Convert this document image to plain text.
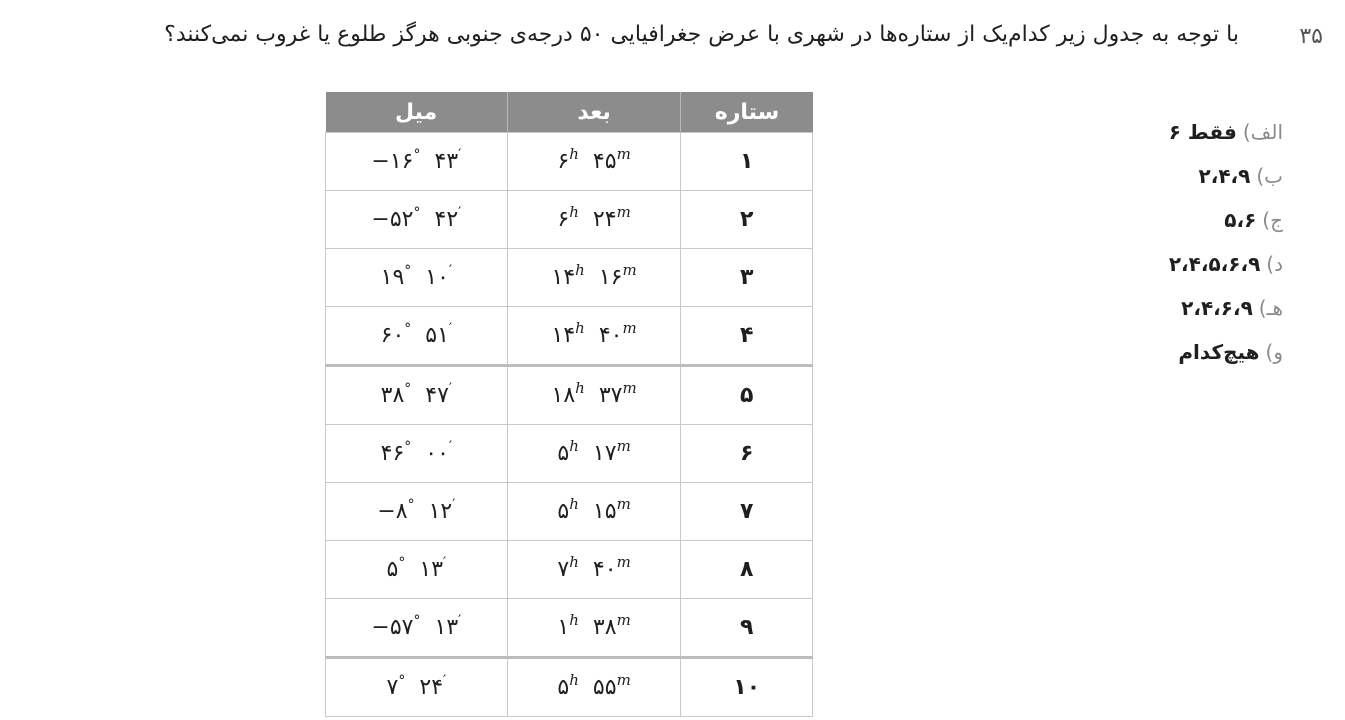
۳۵
با توجه به جدول زیر کدام‌یک از ستاره‌ها در شهری با عرض جغرافیایی ۵۰ درجه‌ی جنوبی هرگز طلوع یا غروب نمی‌کنند؟
ستاره	بعد	میل
۱	۶$^h$ $۴۵^m$	−۱۶° ۴۳′
۲	۶$^h$ $۲۴^m$	−۵۲° ۴۲′
۳	۱۴$^h$ ۱۶$^m$	۱۹° ۱۰′
۴	۱۴$^h$ ۴۰$^m$	۶۰° ۵۱′
۵	۱۸$^h$ ۳۷$^m$	۳۸° ۴۷′
۶	۵$^h$ ۱۷$^m$	۴۶° ۰۰′
۷	۵$^h$ $۱۵^m$	−۸° ۱۲′
۸	۷$^h$ ۴۰$^m$	۵° ۱۳′
۹	۱$^h$ $۳۸^m$	−۵۷° ۱۳′
۱۰	۵$^h$ ۵۵$^m$	۷° ۲۴′
الف)فقط ۶
ب)۲،۴،۹
ج)۵،۶
د)۲،۴،۵،۶،۹
هـ)۲،۴،۶،۹
و)هیچ‌کدام
